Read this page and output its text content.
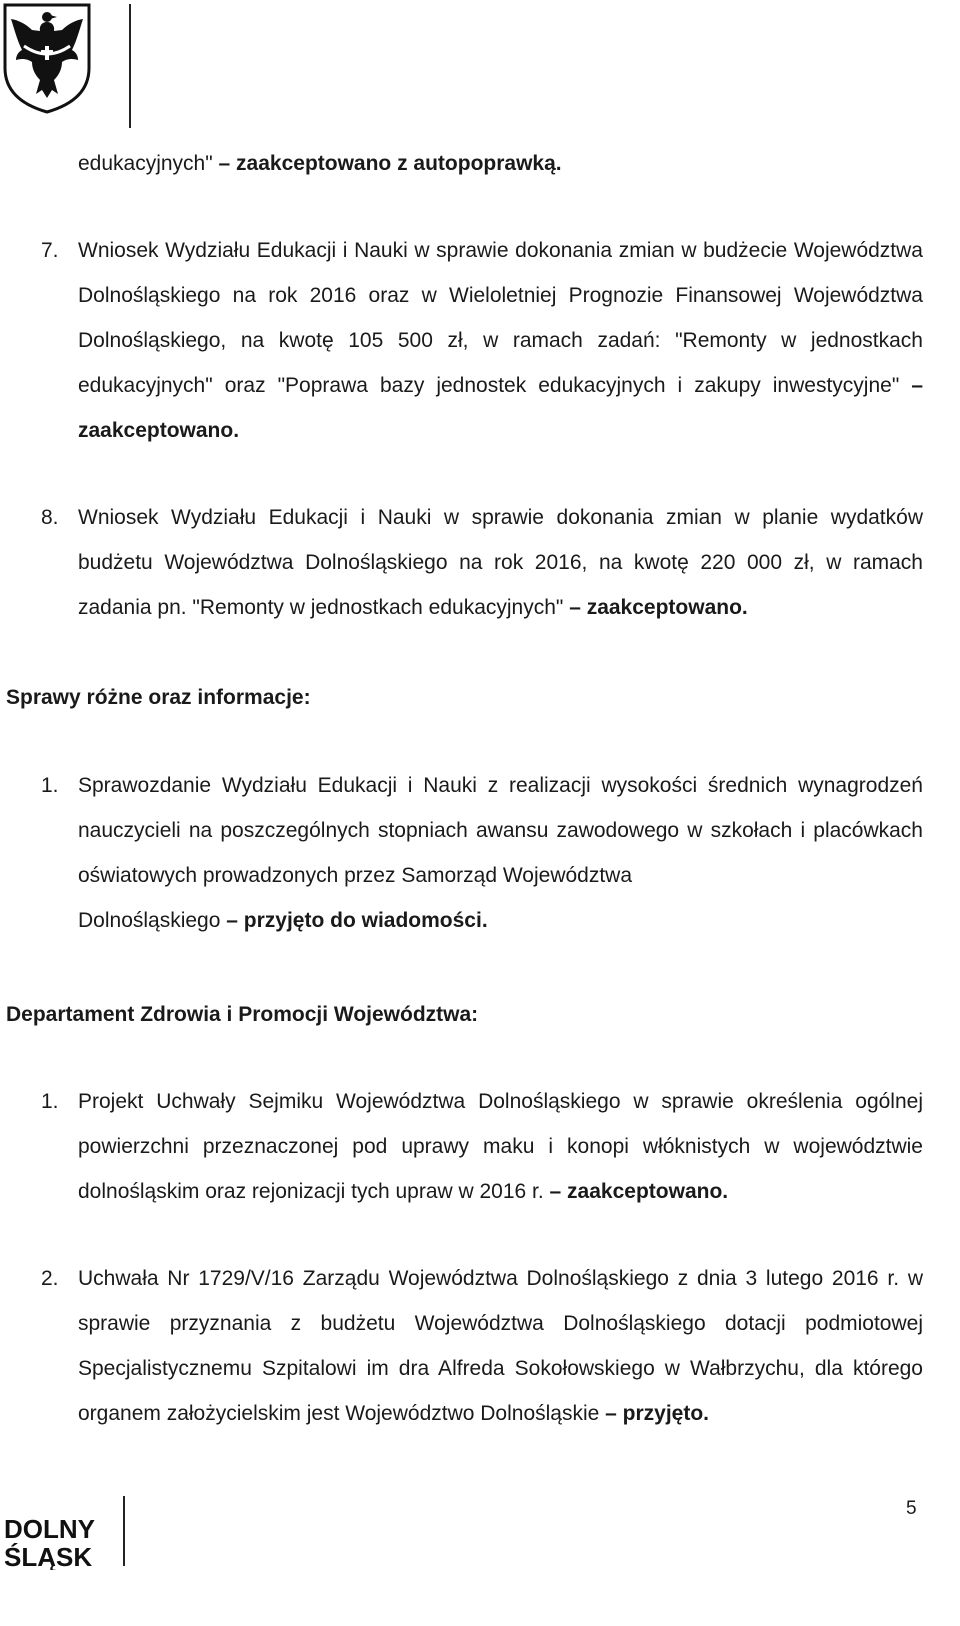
edukacyjnych" – zaakceptowano z autopoprawką.
7. Wniosek Wydziału Edukacji i Nauki w sprawie dokonania zmian w budżecie Województwa Dolnośląskiego na rok 2016 oraz w Wieloletniej Prognozie Finansowej Województwa Dolnośląskiego, na kwotę 105 500 zł, w ramach zadań: "Remonty w jednostkach edukacyjnych" oraz "Poprawa bazy jednostek edukacyjnych i zakupy inwestycyjne" – zaakceptowano.
8. Wniosek Wydziału Edukacji i Nauki w sprawie dokonania zmian w planie wydatków budżetu Województwa Dolnośląskiego na rok 2016, na kwotę 220 000 zł, w ramach zadania pn. "Remonty w jednostkach edukacyjnych" – zaakceptowano.
Sprawy różne oraz informacje:
1. Sprawozdanie Wydziału Edukacji i Nauki z realizacji wysokości średnich wynagrodzeń nauczycieli na poszczególnych stopniach awansu zawodowego w szkołach i placówkach oświatowych prowadzonych przez Samorząd Województwa
Dolnośląskiego – przyjęto do wiadomości.
Departament Zdrowia i Promocji Województwa:
1. Projekt Uchwały Sejmiku Województwa Dolnośląskiego w sprawie określenia ogólnej powierzchni przeznaczonej pod uprawy maku i konopi włóknistych w województwie dolnośląskim oraz rejonizacji tych upraw w 2016 r. – zaakceptowano.
2. Uchwała Nr 1729/V/16 Zarządu Województwa Dolnośląskiego z dnia 3 lutego 2016 r. w sprawie przyznania z budżetu Województwa Dolnośląskiego dotacji podmiotowej Specjalistycznemu Szpitalowi im dra Alfreda Sokołowskiego w Wałbrzychu, dla którego organem założycielskim jest Województwo Dolnośląskie – przyjęto.
DOLNY
ŚLĄSK
5
